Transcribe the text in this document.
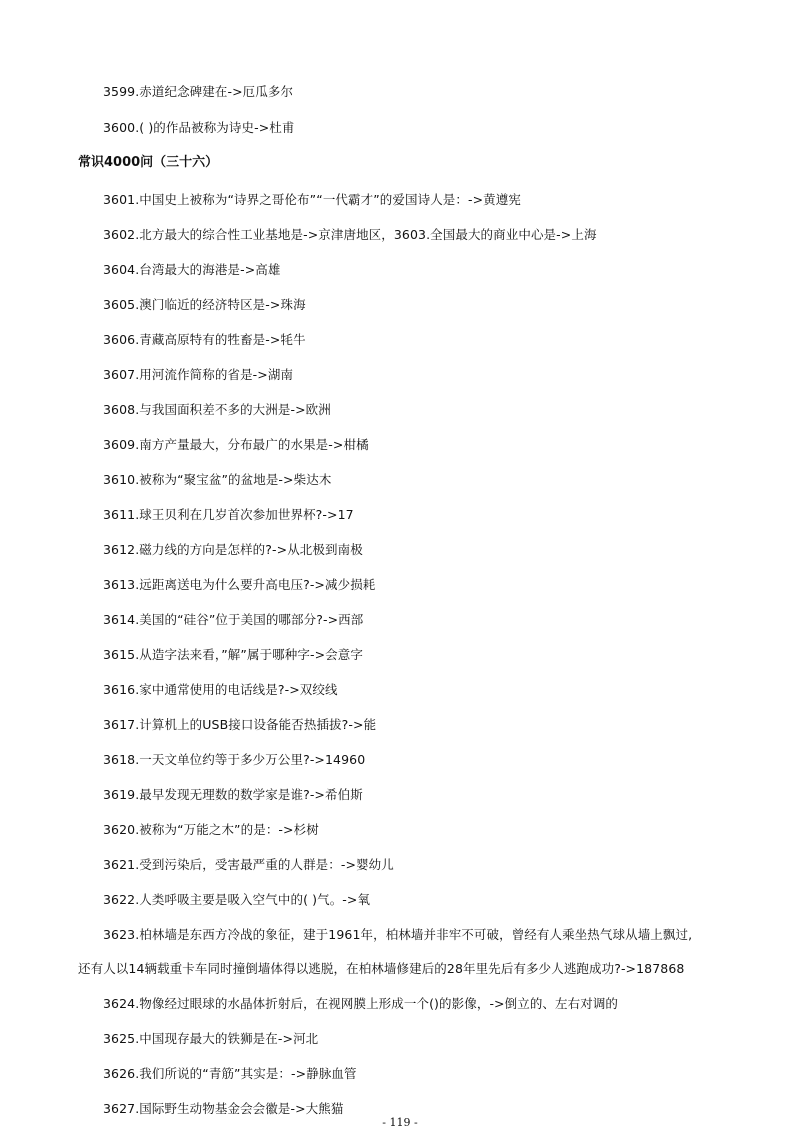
3599.赤道纪念碑建在->厄瓜多尔
3600.( )的作品被称为诗史->杜甫
常识4000问（三十六）
3601.中国史上被称为“诗界之哥伦布”“一代霸才”的爱国诗人是：->黄遵宪
3602.北方最大的综合性工业基地是->京津唐地区，3603.全国最大的商业中心是->上海
3604.台湾最大的海港是->高雄
3605.澳门临近的经济特区是->珠海
3606.青藏高原特有的牲畜是->牦牛
3607.用河流作简称的省是->湖南
3608.与我国面积差不多的大洲是->欧洲
3609.南方产量最大，分布最广的水果是->柑橘
3610.被称为“聚宝盆”的盆地是->柴达木
3611.球王贝利在几岁首次参加世界杯?->17
3612.磁力线的方向是怎样的?->从北极到南极
3613.远距离送电为什么要升高电压?->减少损耗
3614.美国的“硅谷”位于美国的哪部分?->西部
3615.从造字法来看，”解”属于哪种字->会意字
3616.家中通常使用的电话线是?->双绞线
3617.计算机上的USB接口设备能否热插拔?->能
3618.一天文单位约等于多少万公里?->14960
3619.最早发现无理数的数学家是谁?->希伯斯
3620.被称为“万能之木”的是：->杉树
3621.受到污染后，受害最严重的人群是：->婴幼儿
3622.人类呼吸主要是吸入空气中的( )气。->氧
3623.柏林墙是东西方冷战的象征，建于1961年，柏林墙并非牢不可破，曾经有人乘坐热气球从墙上飘过,
还有人以14辆载重卡车同时撞倒墙体得以逃脱，在柏林墙修建后的28年里先后有多少人逃跑成功?->187868
3624.物像经过眼球的水晶体折射后，在视网膜上形成一个()的影像，->倒立的、左右对调的
3625.中国现存最大的铁狮是在->河北
3626.我们所说的“青筋”其实是：->静脉血管
3627.国际野生动物基金会会徽是->大熊猫
- 119 -
